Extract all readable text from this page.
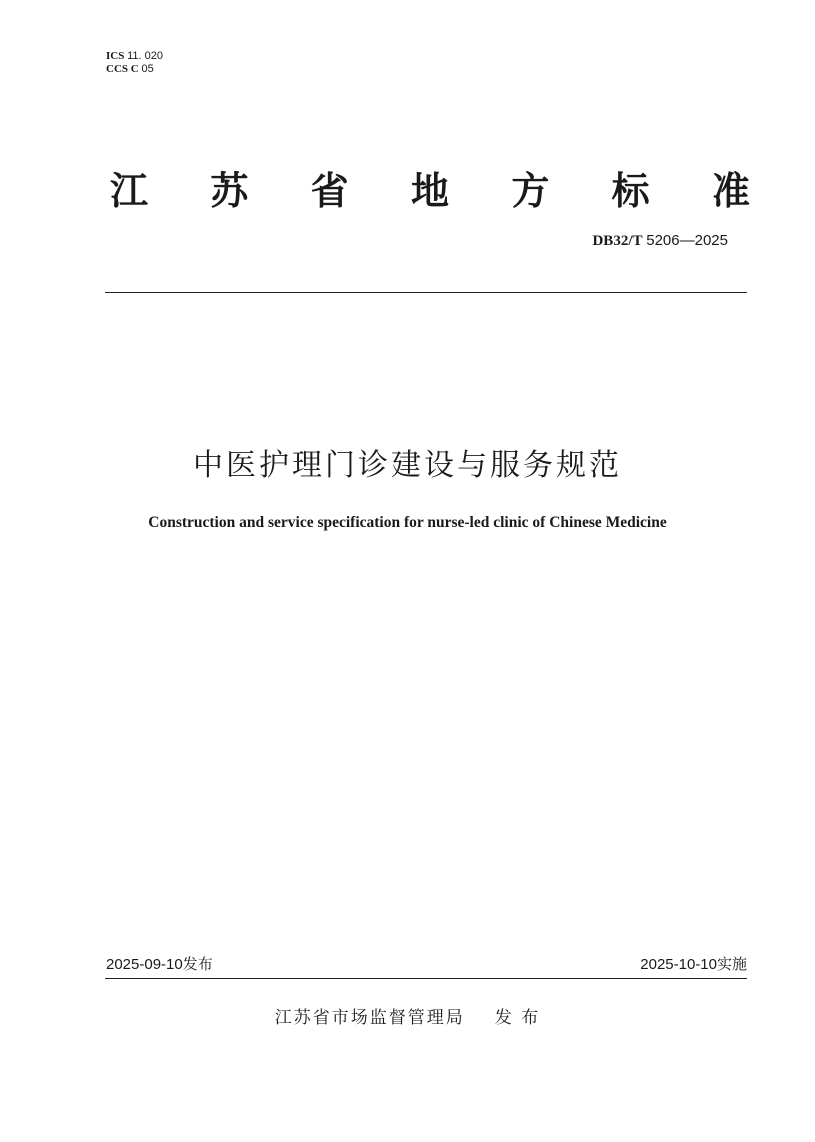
ICS 11. 020
CCS C 05
江 苏 省 地 方 标 准
DB32/T 5206—2025
中医护理门诊建设与服务规范
Construction and service specification for nurse-led clinic of Chinese Medicine
2025-09-10发布	2025-10-10实施
江苏省市场监督管理局 发 布
